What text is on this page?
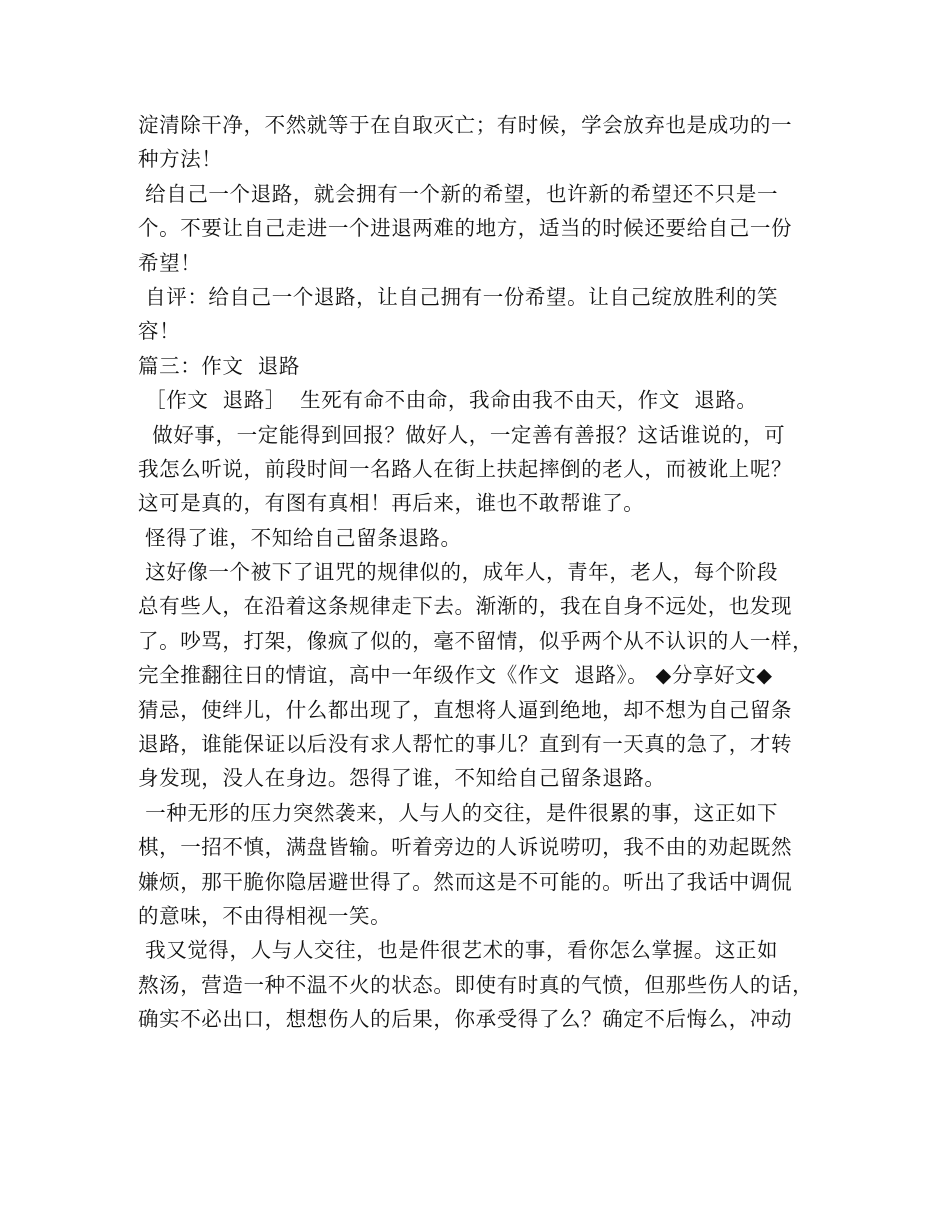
淀清除干净，不然就等于在自取灭亡；有时候，学会放弃也是成功的一
种方法！
给自己一个退路，就会拥有一个新的希望，也许新的希望还不只是一
个。不要让自己走进一个进退两难的地方，适当的时候还要给自己一份
希望！
自评：给自己一个退路，让自己拥有一份希望。让自己绽放胜利的笑
容！
篇三：作文  退路
［作文  退路］  生死有命不由命，我命由我不由天，作文  退路。
做好事，一定能得到回报？做好人，一定善有善报？这话谁说的，可
我怎么听说，前段时间一名路人在街上扶起摔倒的老人，而被讹上呢？
这可是真的，有图有真相！再后来，谁也不敢帮谁了。
怪得了谁，不知给自己留条退路。
这好像一个被下了诅咒的规律似的，成年人，青年，老人，每个阶段
总有些人，在沿着这条规律走下去。渐渐的，我在自身不远处，也发现
了。吵骂，打架，像疯了似的，毫不留情，似乎两个从不认识的人一样，
完全推翻往日的情谊，高中一年级作文《作文  退路》。 ◆分享好文◆
猜忌，使绊儿，什么都出现了，直想将人逼到绝地，却不想为自己留条
退路，谁能保证以后没有求人帮忙的事儿？直到有一天真的急了，才转
身发现，没人在身边。怨得了谁，不知给自己留条退路。
一种无形的压力突然袭来，人与人的交往，是件很累的事，这正如下
棋，一招不慎，满盘皆输。听着旁边的人诉说唠叨，我不由的劝起既然
嫌烦，那干脆你隐居避世得了。然而这是不可能的。听出了我话中调侃
的意味，不由得相视一笑。
我又觉得，人与人交往，也是件很艺术的事，看你怎么掌握。这正如
熬汤，营造一种不温不火的状态。即使有时真的气愤，但那些伤人的话，
确实不必出口，想想伤人的后果，你承受得了么？确定不后悔么，冲动
